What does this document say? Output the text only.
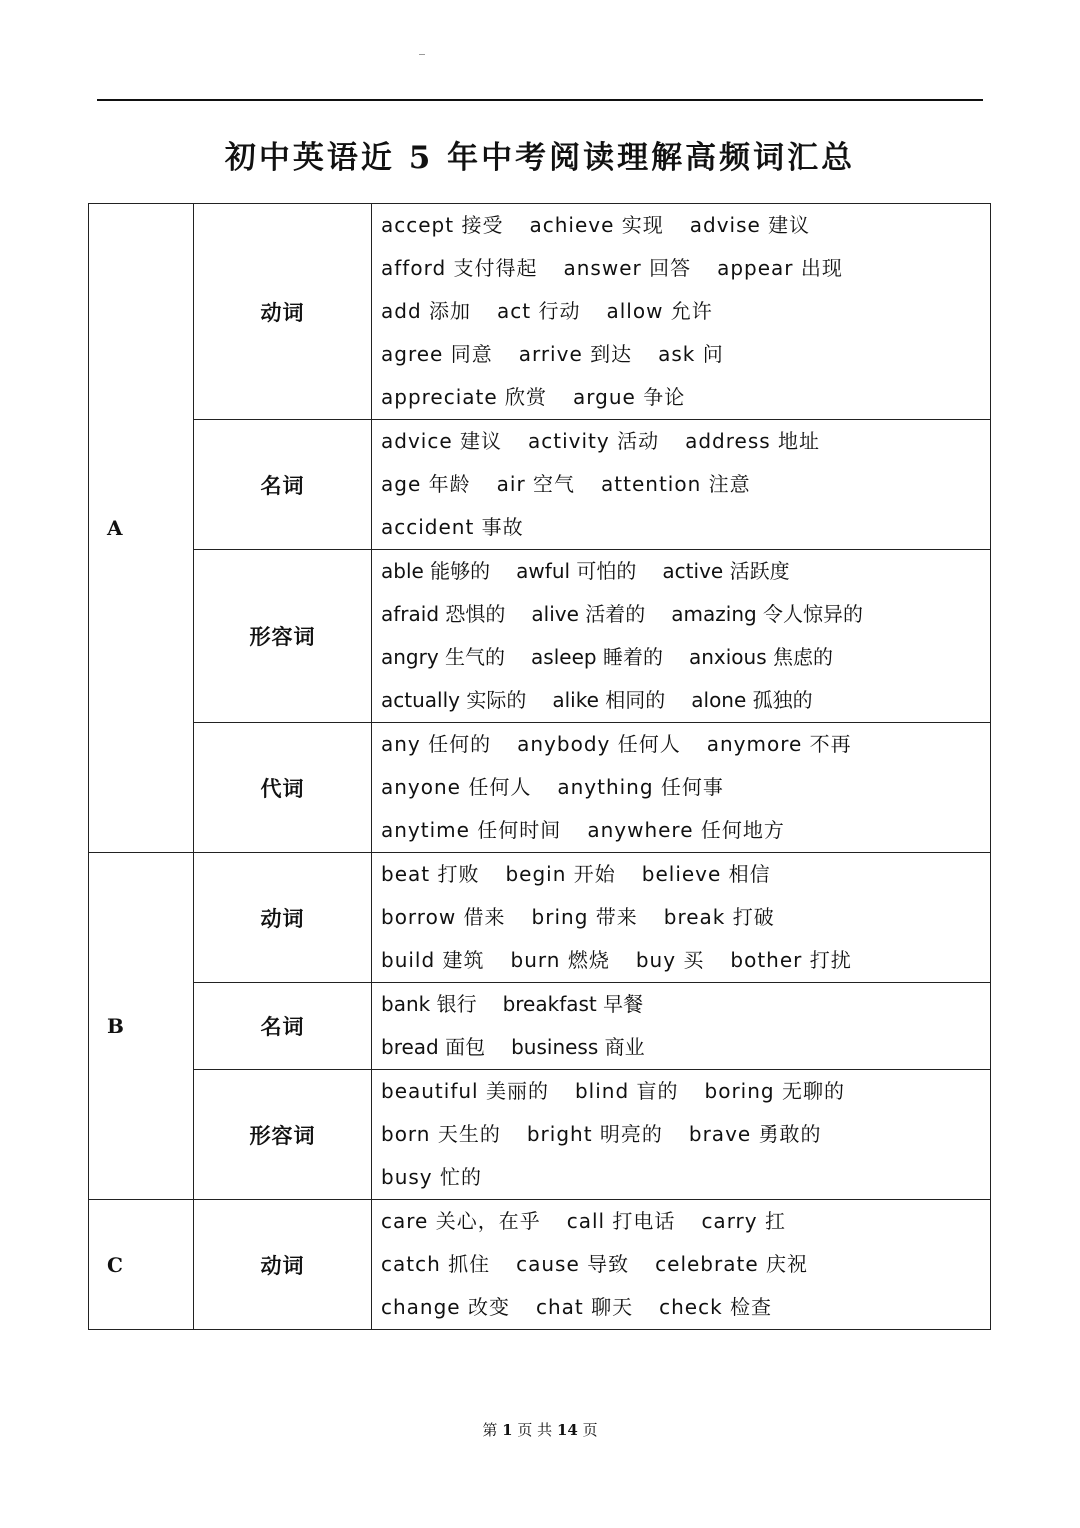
初中英语近 5 年中考阅读理解高频词汇总
A	动词	accept 接受 achieve 实现 advise 建议
afford 支付得起 answer 回答 appear 出现
add 添加 act 行动 allow 允许
agree 同意 arrive 到达 ask 问
appreciate 欣赏 argue 争论

	名词	advice 建议 activity 活动 address 地址
age 年龄 air 空气 attention 注意
accident 事故

	形容词	able 能够的 awful 可怕的 active 活跃度
afraid 恐惧的 alive 活着的 amazing 令人惊异的
angry 生气的 asleep 睡着的 anxious 焦虑的
actually 实际的 alike 相同的 alone 孤独的

	代词	any 任何的 anybody 任何人 anymore 不再
anyone 任何人 anything 任何事
anytime 任何时间 anywhere 任何地方

B	动词	beat 打败 begin 开始 believe 相信
borrow 借来 bring 带来 break 打破
build 建筑 burn 燃烧 buy 买 bother 打扰

	名词	bank 银行 breakfast 早餐
bread 面包 business 商业

	形容词	beautiful 美丽的 blind 盲的 boring 无聊的
born 天生的 bright 明亮的 brave 勇敢的
busy 忙的

C	动词	care 关心，在乎 call 打电话 carry 扛
catch 抓住 cause 导致 celebrate 庆祝
change 改变 chat 聊天 check 检查
第 1 页 共 14 页
